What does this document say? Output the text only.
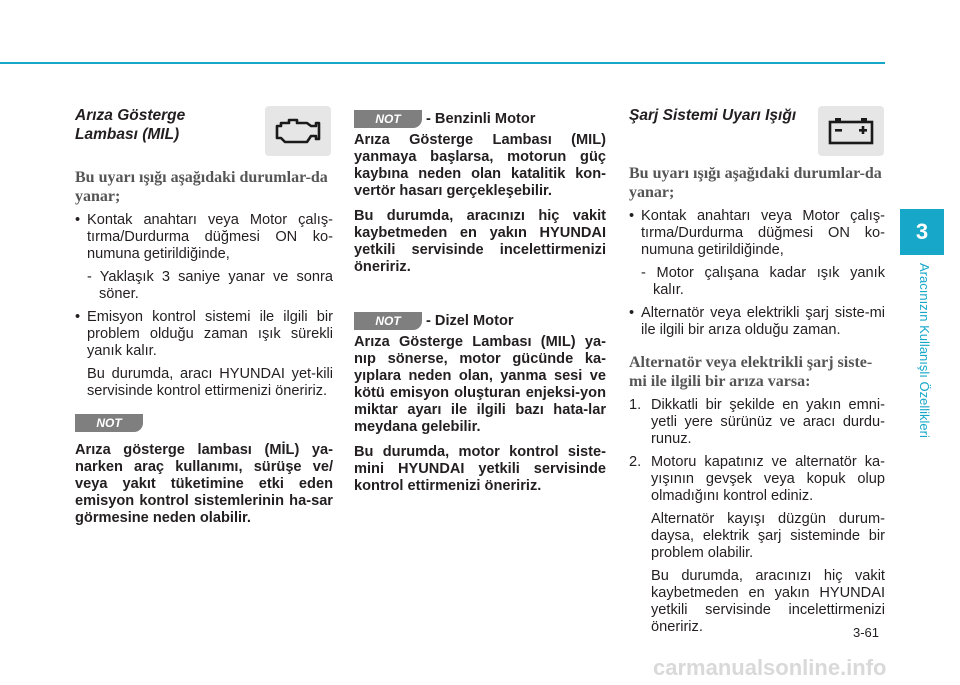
Arıza Gösterge
Lambası (MIL)
Bu uyarı ışığı aşağıdaki durumlar-da yanar;
• Kontak anahtarı veya Motor çalış-tırma/Durdurma düğmesi ON ko-numuna getirildiğinde,
- Yaklaşık 3 saniye yanar ve sonra söner.
• Emisyon kontrol sistemi ile ilgili bir problem olduğu zaman ışık sürekli yanık kalır.
Bu durumda, aracı HYUNDAI yet-kili servisinde kontrol ettirmenizi öneririz.
NOT
Arıza gösterge lambası (MİL) ya-narken araç kullanımı, sürüşe ve/ veya yakıt tüketimine etki eden emisyon kontrol sistemlerinin ha-sar görmesine neden olabilir.
NOT	- Benzinli Motor
Arıza Gösterge Lambası (MIL) yanmaya başlarsa, motorun güç kaybına neden olan katalitik kon-vertör hasarı gerçekleşebilir.
Bu durumda, aracınızı hiç vakit kaybetmeden en yakın HYUNDAI yetkili servisinde incelettirmenizi öneririz.
NOT	- Dizel Motor
Arıza Gösterge Lambası (MIL) ya-nıp sönerse, motor gücünde ka-yıplara neden olan, yanma sesi ve kötü emisyon oluşturan enjeksi-yon miktar ayarı ile ilgili bazı hata-lar meydana gelebilir.
Bu durumda, motor kontrol siste-mini HYUNDAI yetkili servisinde kontrol ettirmenizi öneririz.
Şarj Sistemi Uyarı Işığı
Bu uyarı ışığı aşağıdaki durumlar-da yanar;
• Kontak anahtarı veya Motor çalış-tırma/Durdurma düğmesi ON ko-numuna getirildiğinde,
- Motor çalışana kadar ışık yanık kalır.
• Alternatör veya elektrikli şarj siste-mi ile ilgili bir arıza olduğu zaman.
Alternatör veya elektrikli şarj siste-mi ile ilgili bir arıza varsa:
1. Dikkatli bir şekilde en yakın emni-yetli yere sürünüz ve aracı durdu-runuz.
2. Motoru kapatınız ve alternatör ka-yışının gevşek veya kopuk olup olmadığını kontrol ediniz.
Alternatör kayışı düzgün durum-daysa, elektrik şarj sisteminde bir problem olabilir.
Bu durumda, aracınızı hiç vakit kaybetmeden en yakın HYUNDAI yetkili servisinde incelettirmenizi öneririz.
3
Aracınızın Kullanışlı Özellikleri
3-61
carmanualsonline.info
